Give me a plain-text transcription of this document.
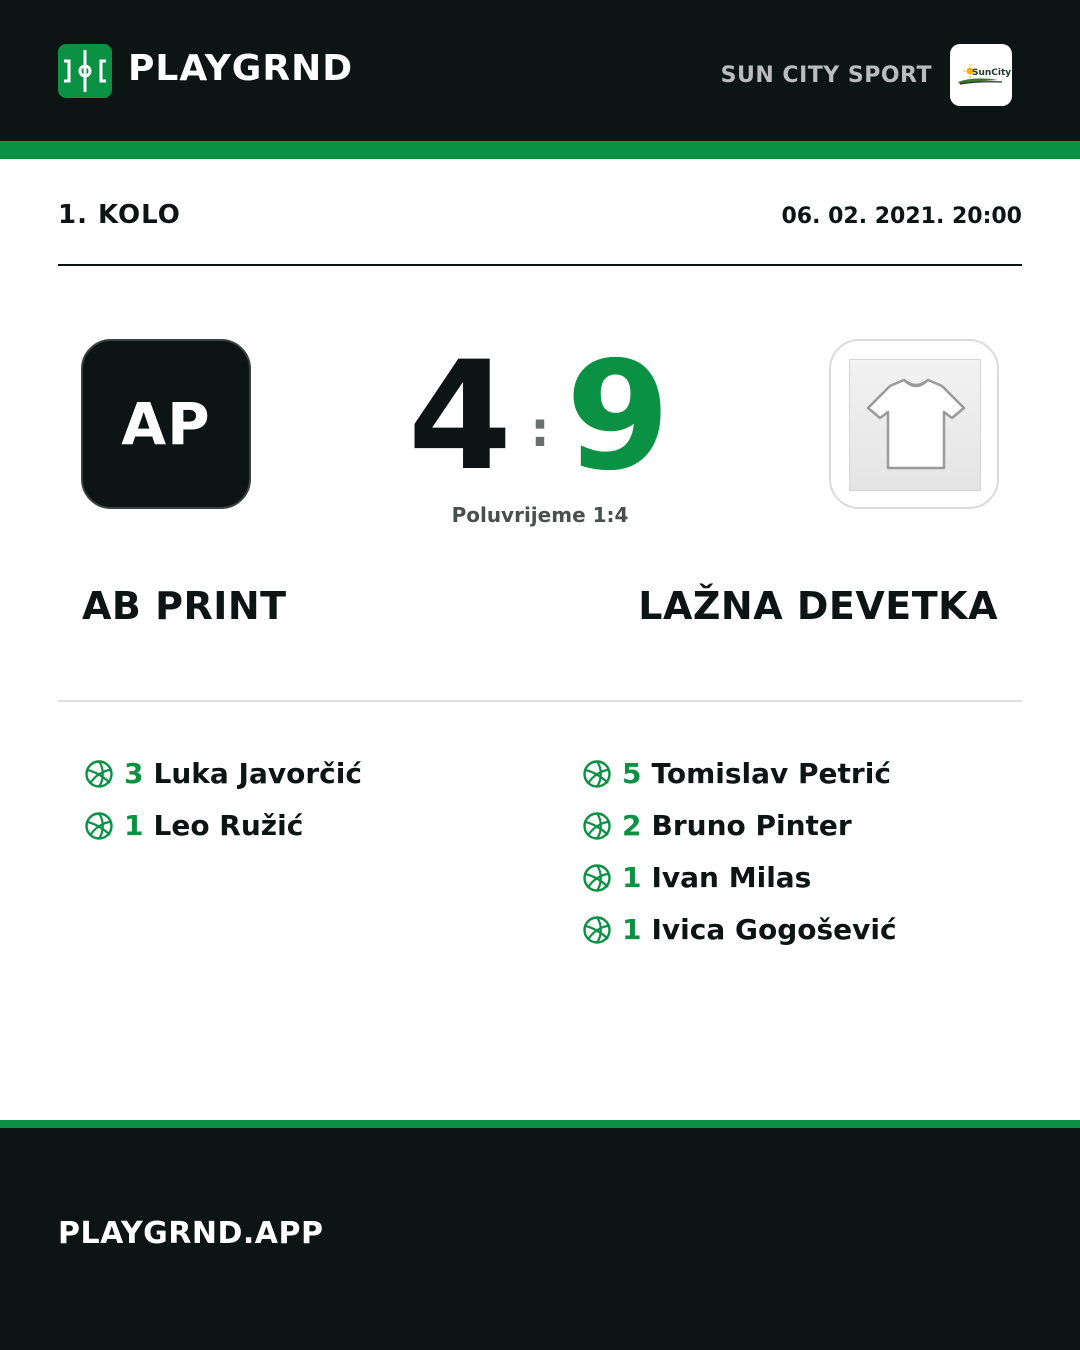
PLAYGRND	SUN CITY SPORT	SunCity
1. KOLO	06. 02. 2021. 20:00
AP 4 : 9
Poluvrijeme 1:4
AB PRINT	LAŽNA DEVETKA
3 Luka Javorčić
1 Leo Ružić
5 Tomislav Petrić
2 Bruno Pinter
1 Ivan Milas
1 Ivica Gogošević
PLAYGRND.APP
